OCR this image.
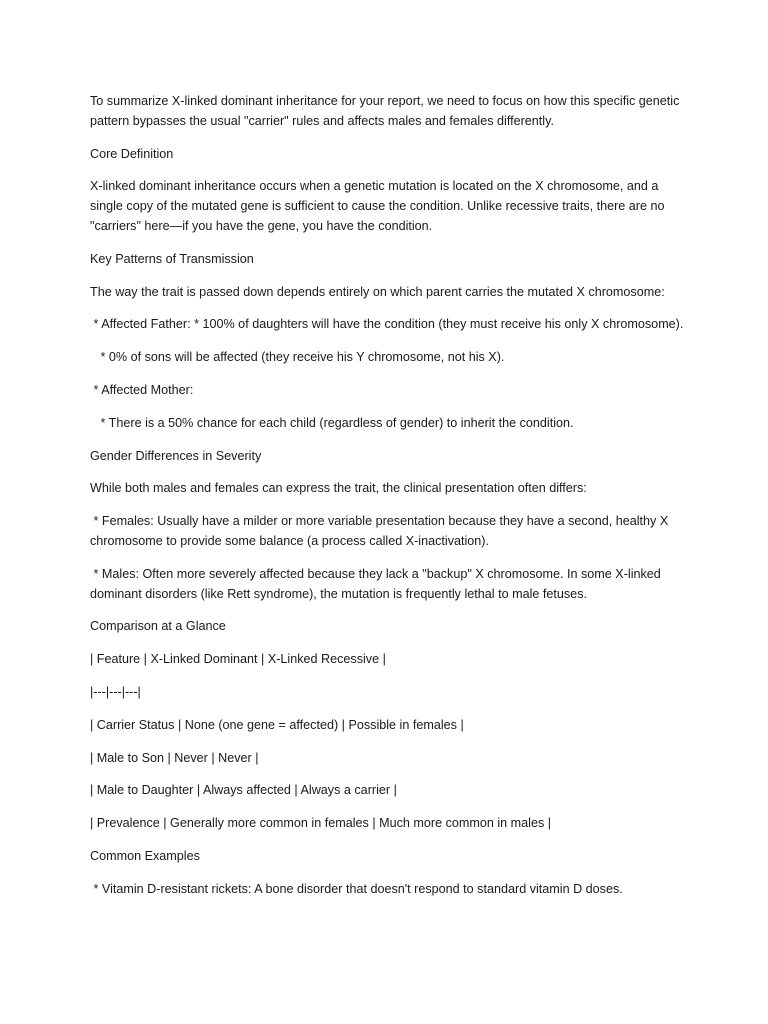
To summarize X-linked dominant inheritance for your report, we need to focus on how this specific genetic pattern bypasses the usual "carrier" rules and affects males and females differently.

Core Definition

X-linked dominant inheritance occurs when a genetic mutation is located on the X chromosome, and a single copy of the mutated gene is sufficient to cause the condition. Unlike recessive traits, there are no "carriers" here—if you have the gene, you have the condition.

Key Patterns of Transmission

The way the trait is passed down depends entirely on which parent carries the mutated X chromosome:

* Affected Father: * 100% of daughters will have the condition (they must receive his only X chromosome).

* 0% of sons will be affected (they receive his Y chromosome, not his X).

* Affected Mother:

* There is a 50% chance for each child (regardless of gender) to inherit the condition.

Gender Differences in Severity

While both males and females can express the trait, the clinical presentation often differs:

* Females: Usually have a milder or more variable presentation because they have a second, healthy X chromosome to provide some balance (a process called X-inactivation).

* Males: Often more severely affected because they lack a "backup" X chromosome. In some X-linked dominant disorders (like Rett syndrome), the mutation is frequently lethal to male fetuses.

Comparison at a Glance

| Feature | X-Linked Dominant | X-Linked Recessive |

|---|---|---|

| Carrier Status | None (one gene = affected) | Possible in females |

| Male to Son | Never | Never |

| Male to Daughter | Always affected | Always a carrier |

| Prevalence | Generally more common in females | Much more common in males |

Common Examples

* Vitamin D-resistant rickets: A bone disorder that doesn't respond to standard vitamin D doses.
